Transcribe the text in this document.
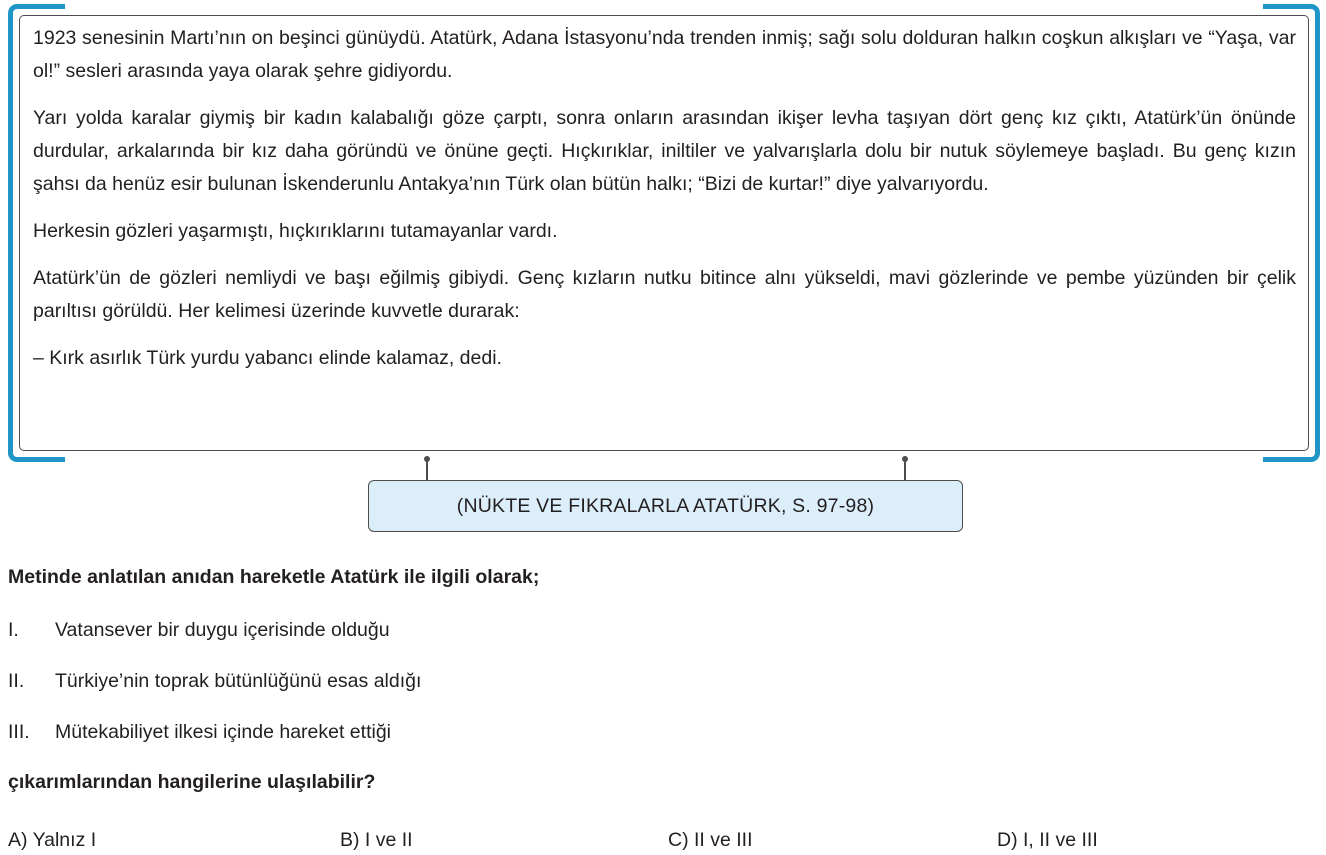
1923 senesinin Martı’nın on beşinci günüydü. Atatürk, Adana İstasyonu’nda trenden inmiş; sağı solu dolduran halkın coşkun alkışları ve “Yaşa, var ol!” sesleri arasında yaya olarak şehre gidiyordu.

Yarı yolda karalar giymiş bir kadın kalabalığı göze çarptı, sonra onların arasından ikişer levha taşıyan dört genç kız çıktı, Atatürk’ün önünde durdular, arkalarında bir kız daha göründü ve önüne geçti. Hıçkırıklar, iniltiler ve yalvarışlarla dolu bir nutuk söylemeye başladı. Bu genç kızın şahsı da henüz esir bulunan İskenderunlu Antakya’nın Türk olan bütün halkı; “Bizi de kurtar!” diye yalvarıyordu.

Herkesin gözleri yaşarmıştı, hıçkırıklarını tutamayanlar vardı.

Atatürk’ün de gözleri nemliydi ve başı eğilmiş gibiydi. Genç kızların nutku bitince alnı yükseldi, mavi gözlerinde ve pembe yüzünden bir çelik parıltısı görüldü. Her kelimesi üzerinde kuvvetle durarak:

– Kırk asırlık Türk yurdu yabancı elinde kalamaz, dedi.

(NÜKTE VE FIKRALARLA ATATÜRK, S. 97-98)
Metinde anlatılan anıdan hareketle Atatürk ile ilgili olarak;
I. Vatansever bir duygu içerisinde olduğu
II. Türkiye’nin toprak bütünlüğünü esas aldığı
III. Mütekabiliyet ilkesi içinde hareket ettiği
çıkarımlarından hangilerine ulaşılabilir?
A) Yalnız I	B) I ve II	C) II ve III	D) I, II ve III
